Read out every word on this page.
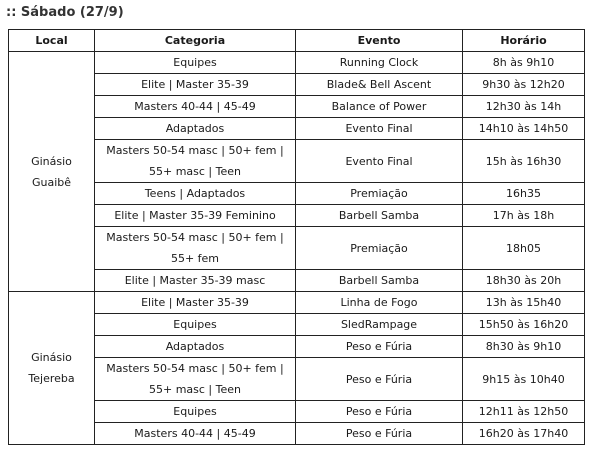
:: Sábado (27/9)
Local	Categoria	Evento	Horário

Ginásio
Guaibê	Equipes	Running Clock	8h às 9h10

	Elite | Master 35-39	Blade& Bell Ascent	9h30 às 12h20

	Masters 40-44 | 45-49	Balance of Power	12h30 às 14h

	Adaptados	Evento Final	14h10 às 14h50

	Masters 50-54 masc | 50+ fem |
55+ masc | Teen	Evento Final	15h às 16h30

	Teens | Adaptados	Premiação	16h35

	Elite | Master 35-39 Feminino	Barbell Samba	17h às 18h

	Masters 50-54 masc | 50+ fem |
55+ fem	Premiação	18h05

	Elite | Master 35-39 masc	Barbell Samba	18h30 às 20h

Ginásio
Tejereba	Elite | Master 35-39	Linha de Fogo	13h às 15h40

	Equipes	SledRampage	15h50 às 16h20

	Adaptados	Peso e Fúria	8h30 às 9h10

	Masters 50-54 masc | 50+ fem |
55+ masc | Teen	Peso e Fúria	9h15 às 10h40

	Equipes	Peso e Fúria	12h11 às 12h50

	Masters 40-44 | 45-49	Peso e Fúria	16h20 às 17h40
